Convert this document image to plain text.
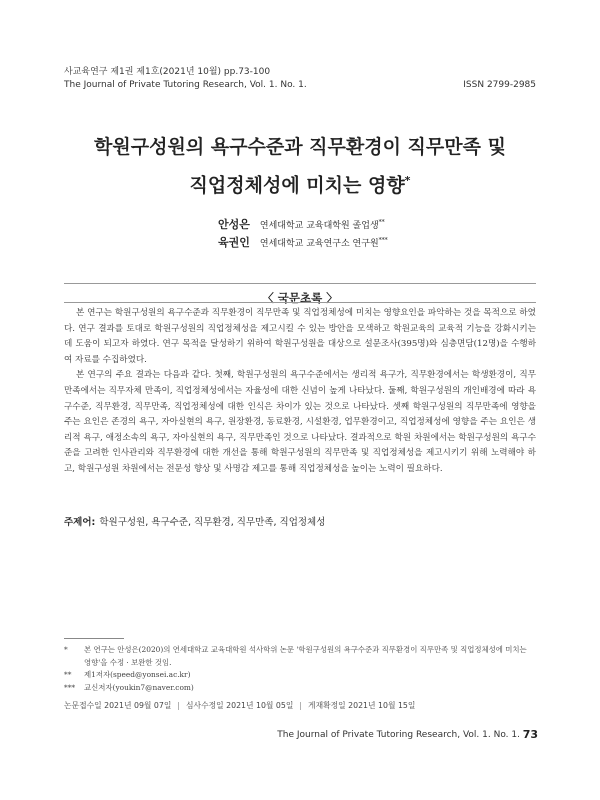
사교육연구 제1권 제1호(2021년 10월) pp.73-100
The Journal of Private Tutoring Research, Vol. 1. No. 1.	ISSN 2799-2985
학원구성원의 욕구수준과 직무환경이 직무만족 및
직업정체성에 미치는 영향*
안성은 연세대학교 교육대학원 졸업생**
육권인 연세대학교 교육연구소 연구원***
〈 국문초록 〉

본 연구는 학원구성원의 욕구수준과 직무환경이 직무만족 및 직업정체성에 미치는 영향요인을 파악하는 것을 목적으로 하였다. 연구 결과를 토대로 학원구성원의 직업정체성을 제고시킬 수 있는 방안을 모색하고 학원교육의 교육적 기능을 강화시키는데 도움이 되고자 하였다. 연구 목적을 달성하기 위하여 학원구성원을 대상으로 설문조사(395명)와 심층면담(12명)을 수행하여 자료를 수집하였다.

본 연구의 주요 결과는 다음과 같다. 첫째, 학원구성원의 욕구수준에서는 생리적 욕구가, 직무환경에서는 학생환경이, 직무만족에서는 직무자체 만족이, 직업정체성에서는 자율성에 대한 신념이 높게 나타났다. 둘째, 학원구성원의 개인배경에 따라 욕구수준, 직무환경, 직무만족, 직업정체성에 대한 인식은 차이가 있는 것으로 나타났다. 셋째 학원구성원의 직무만족에 영향을 주는 요인은 존경의 욕구, 자아실현의 욕구, 원장환경, 동료환경, 시설환경, 업무환경이고, 직업정체성에 영향을 주는 요인은 생리적 욕구, 애정소속의 욕구, 자아실현의 욕구, 직무만족인 것으로 나타났다. 결과적으로 학원 차원에서는 학원구성원의 욕구수준을 고려한 인사관리와 직무환경에 대한 개선을 통해 학원구성원의 직무만족 및 직업정체성을 제고시키기 위해 노력해야 하고, 학원구성원 차원에서는 전문성 향상 및 사명감 제고를 통해 직업정체성을 높이는 노력이 필요하다.

주제어: 학원구성원, 욕구수준, 직무환경, 직무만족, 직업정체성
*	본 연구는 안성은(2020)의 연세대학교 교육대학원 석사학위 논문 '학원구성원의 욕구수준과 직무환경이 직무만족 및 직업정체성에 미치는 영향'을 수정 · 보완한 것임.
**	제1저자(speed@yonsei.ac.kr)
***	교신저자(youkin7@naver.com)
논문접수일 2021년 09월 07일 | 심사수정일 2021년 10월 05일 | 게재확정일 2021년 10월 15일
The Journal of Private Tutoring Research, Vol. 1. No. 1. 73
